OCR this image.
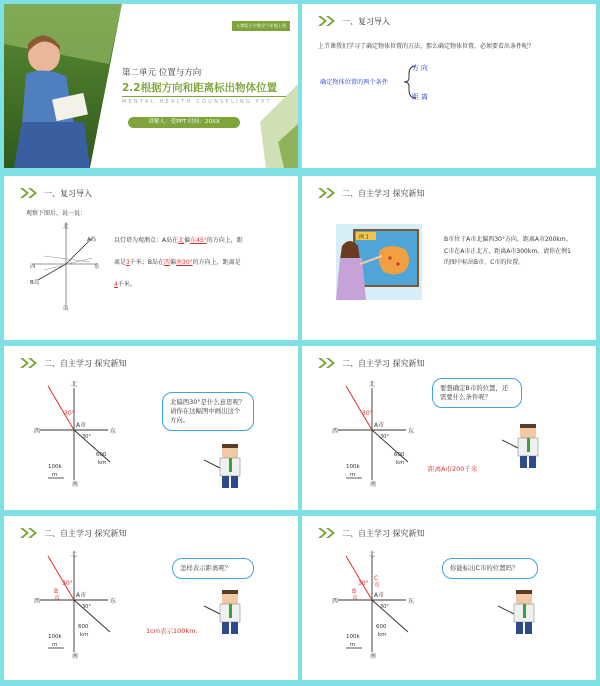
人教版小学数学六年级上册
第二单元 位置与方向
2.2根据方向和距离标出物体位置
MENTAL HEALTH COUNSELING PPT
讲解人：爱PPT 时间：20XX
一、复习导入
上节课我们学习了确定物体位置的方法，那么确定物体位置，必须要看出条件呢？
确定物体位置的两个条件
方 向
距 离
一、复习导入
观察下图后，说一说：
北
A岛
东
西
B岛
南
以灯塔为观测点：A岛在北偏东45°的方向上，距
离是3千米；B岛在西偏南30°的方向上，距离是
4千米。
二、自主学习 探究新知
例 1	B市位于A市北偏西30°方向、距离A市200km。C市在A市正北方，距离A市300km。请你在例1的图中标出B市、C市的位置。
二、自主学习 探究新知
北
南
西	东
A市
30°
30°
600
km
100k
m
北偏西30°是什么意思呢？请你在这幅图中画出这个方向。
二、自主学习 探究新知
北
南
西	东
A市
30°
30°
600
km
100k
m
要想确定B市的位置，还需要什么条件呢？
距离A市200千米
二、自主学习 探究新知
北
南
西	东
A市
30°
B
市
30°
600
km
100k
m
怎样表示距离呢？
1cm表示100km.
二、自主学习 探究新知
北
南
西	东
A市
C
市
30°
B
市
30°
600
km
100k
m
你能标出C市的位置吗？
